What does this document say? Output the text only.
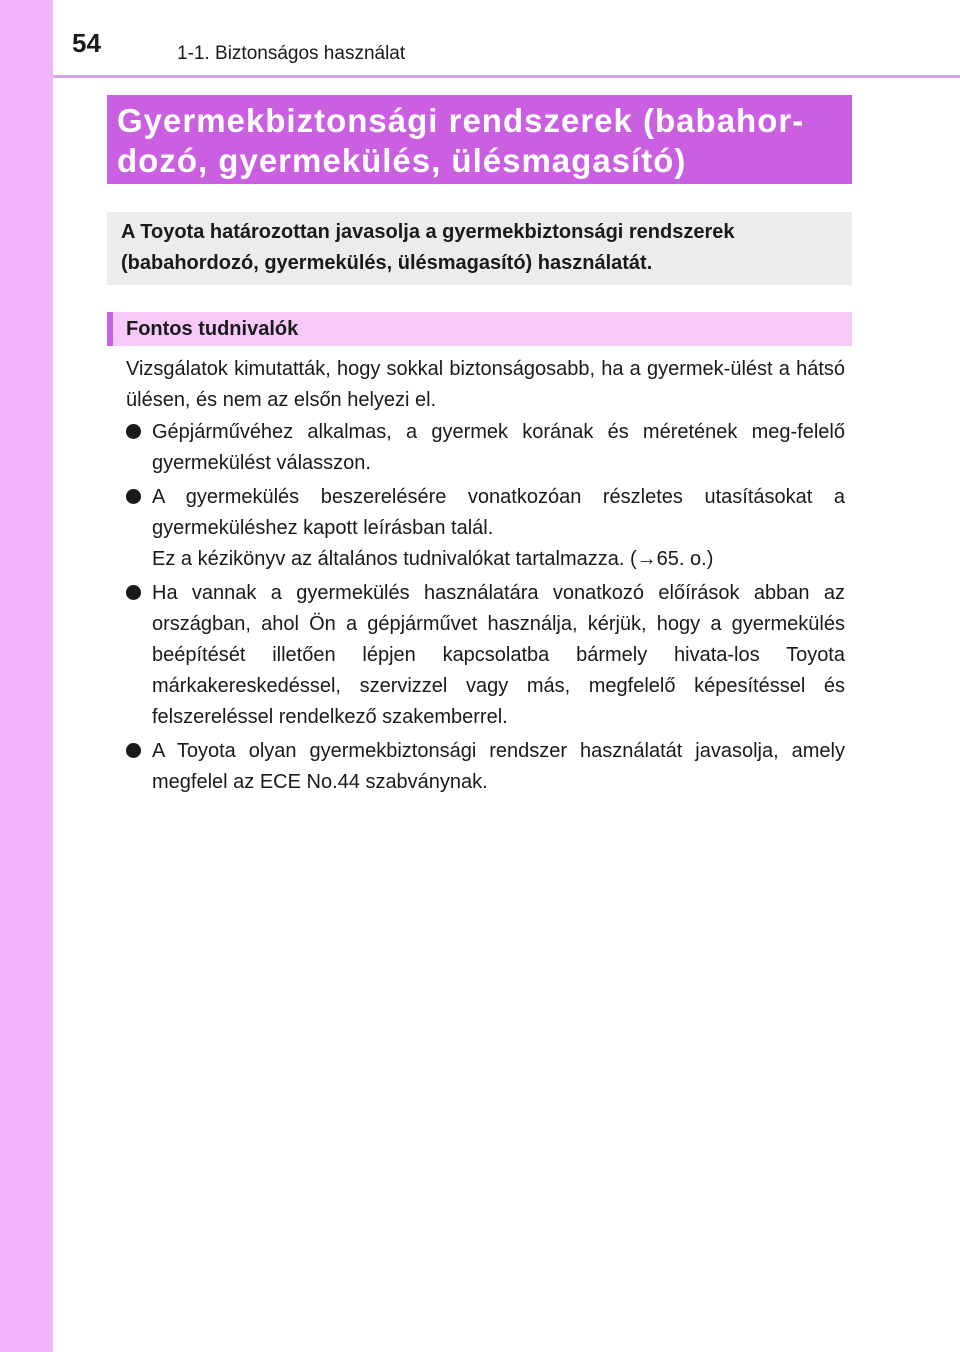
54	1-1. Biztonságos használat
Gyermekbiztonsági rendszerek (babahor-
dozó, gyermekülés, ülésmagasító)
A Toyota határozottan javasolja a gyermekbiztonsági rendszerek
(babahordozó, gyermekülés, ülésmagasító) használatát.
Fontos tudnivalók
Vizsgálatok kimutatták, hogy sokkal biztonságosabb, ha a gyermek-ülést a hátsó ülésen, és nem az elsőn helyezi el.
Gépjárművéhez alkalmas, a gyermek korának és méretének meg-felelő gyermekülést válasszon.
A gyermekülés beszerelésére vonatkozóan részletes utasításokat a gyermeküléshez kapott leírásban talál.
Ez a kézikönyv az általános tudnivalókat tartalmazza. (→65. o.)
Ha vannak a gyermekülés használatára vonatkozó előírások abban az országban, ahol Ön a gépjárművet használja, kérjük, hogy a gyermekülés beépítését illetően lépjen kapcsolatba bármely hivata-los Toyota márkakereskedéssel, szervizzel vagy más, megfelelő képesítéssel és felszereléssel rendelkező szakemberrel.
A Toyota olyan gyermekbiztonsági rendszer használatát javasolja, amely megfelel az ECE No.44 szabványnak.
